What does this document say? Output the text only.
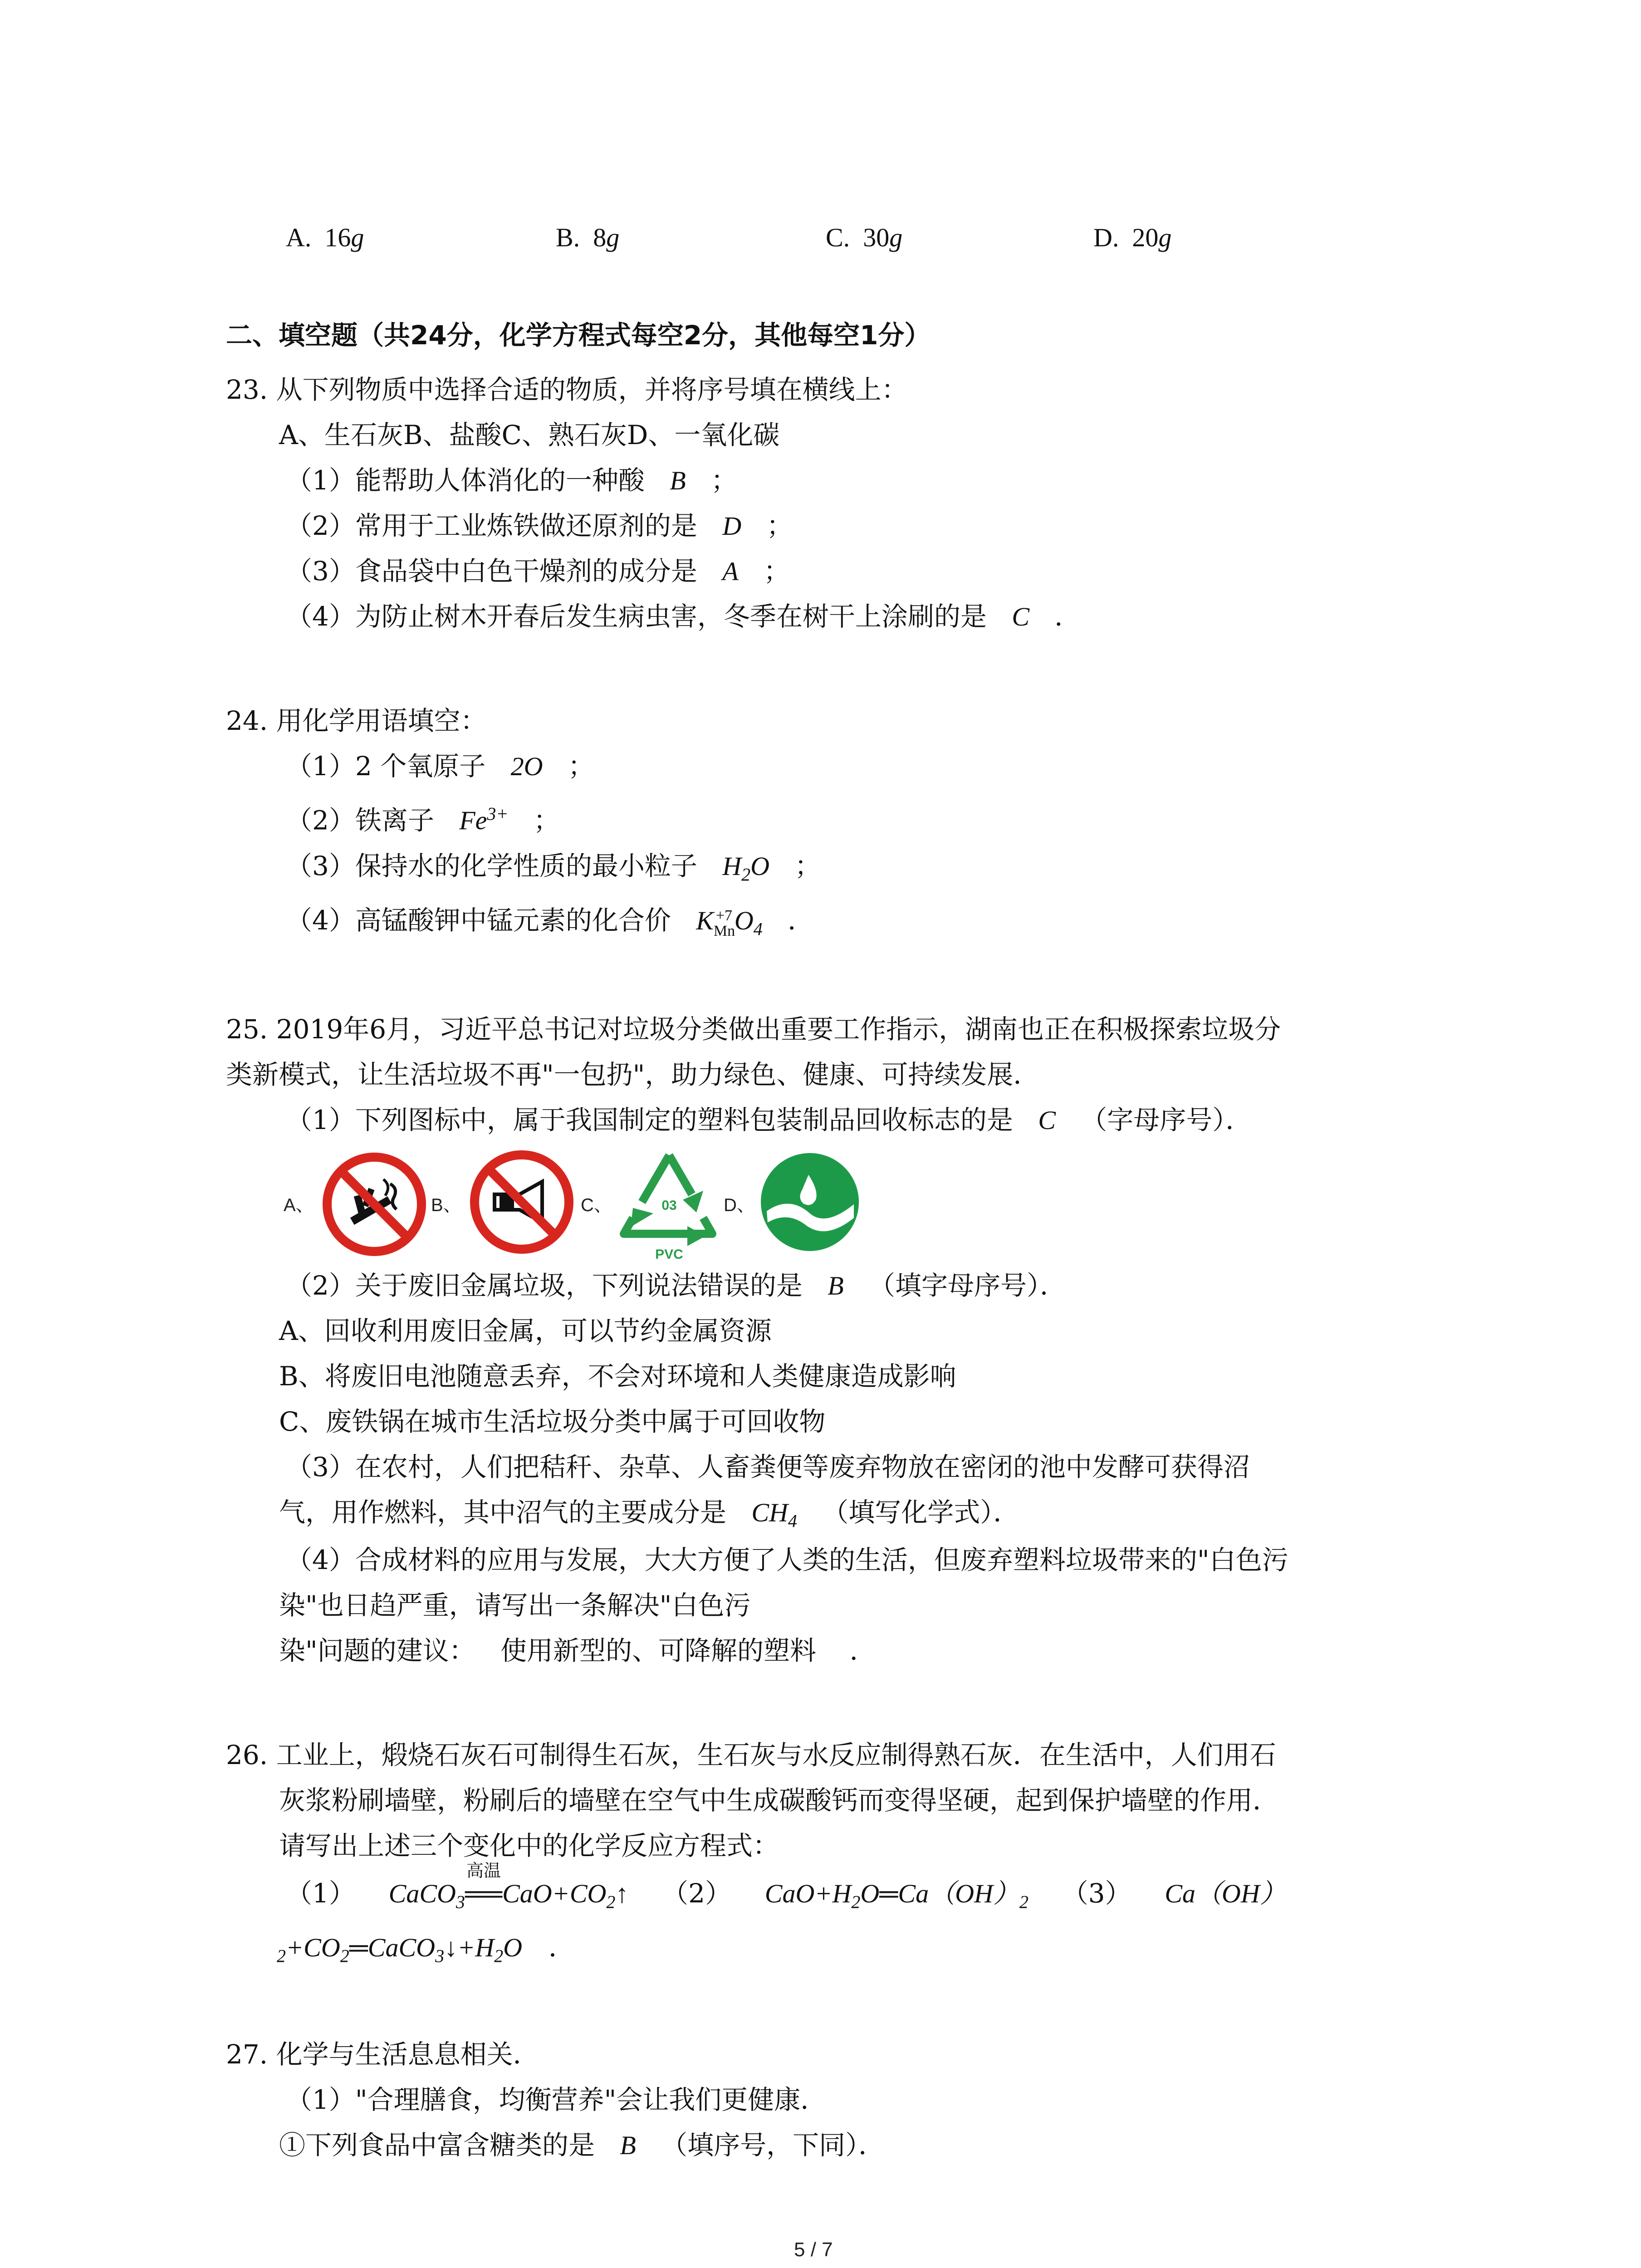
A. 16g	B. 8g	C. 30g	D. 20g
二、填空题（共24分，化学方程式每空2分，其他每空1分）
23. 从下列物质中选择合适的物质，并将序号填在横线上：
A、生石灰B、盐酸C、熟石灰D、一氧化碳
（1）能帮助人体消化的一种酸 B ；
（2）常用于工业炼铁做还原剂的是 D ；
（3）食品袋中白色干燥剂的成分是 A ；
（4）为防止树木开春后发生病虫害，冬季在树干上涂刷的是 C ．
24. 用化学用语填空：
（1）2 个氧原子 2O ；
（2）铁离子 $Fe^{3+}$ ；
（3）保持水的化学性质的最小粒子 $H_2O$ ；
（4）高锰酸钾中锰元素的化合价 K +7
Mn
$O_4$ ．
25. 2019年6月，习近平总书记对垃圾分类做出重要工作指示，湖南也正在积极探索垃圾分
类新模式，让生活垃圾不再"一包扔"，助力绿色、健康、可持续发展．
（1）下列图标中，属于我国制定的塑料包装制品回收标志的是 C （字母序号）．
A、	B、	C、	03
PVC
D、
（2）关于废旧金属垃圾，下列说法错误的是 B （填字母序号）．
A、回收利用废旧金属，可以节约金属资源
B、将废旧电池随意丢弃，不会对环境和人类健康造成影响
C、废铁锅在城市生活垃圾分类中属于可回收物
（3）在农村，人们把秸秆、杂草、人畜粪便等废弃物放在密闭的池中发酵可获得沼
气，用作燃料，其中沼气的主要成分是 $CH_4$ （填写化学式）．
（4）合成材料的应用与发展，大大方便了人类的生活，但废弃塑料垃圾带来的"白色污
染"也日趋严重，请写出一条解决"白色污
染"问题的建议： 使用新型的、可降解的塑料 ．
26. 工业上，煅烧石灰石可制得生石灰，生石灰与水反应制得熟石灰．在生活中，人们用石
灰浆粉刷墙壁，粉刷后的墙壁在空气中生成碳酸钙而变得坚硬，起到保护墙壁的作用．
请写出上述三个变化中的化学反应方程式：
（1） CaCO$_3$
高温
$══CaO+CO_2↑$ （2） $CaO+H_2O═Ca(OH)_2$ （3） Ca（OH）
$_2+CO_2═CaCO_3↓+H_2O$ ．
27. 化学与生活息息相关．
（1）"合理膳食，均衡营养"会让我们更健康．
①下列食品中富含糖类的是 B （填序号，下同）．
5 / 7
